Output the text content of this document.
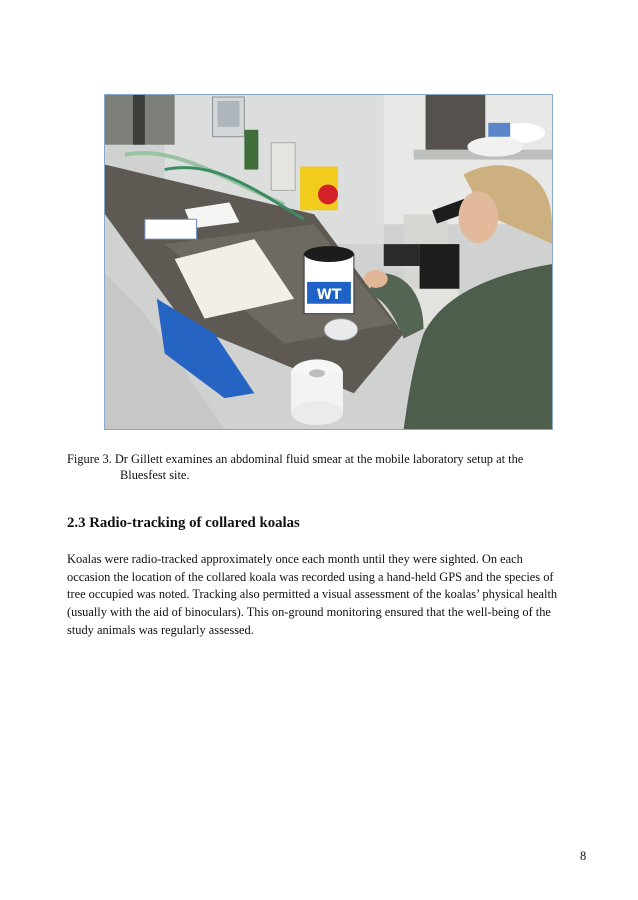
WT
Figure 3. Dr Gillett examines an abdominal fluid smear at the mobile laboratory setup at the
Bluesfest site.
2.3 Radio-tracking of collared koalas

Koalas were radio-tracked approximately once each month until they were sighted. On each
occasion the location of the collared koala was recorded using a hand-held GPS and the species of
tree occupied was noted. Tracking also permitted a visual assessment of the koalas’ physical health
(usually with the aid of binoculars). This on-ground monitoring ensured that the well-being of the
study animals was regularly assessed.

8
